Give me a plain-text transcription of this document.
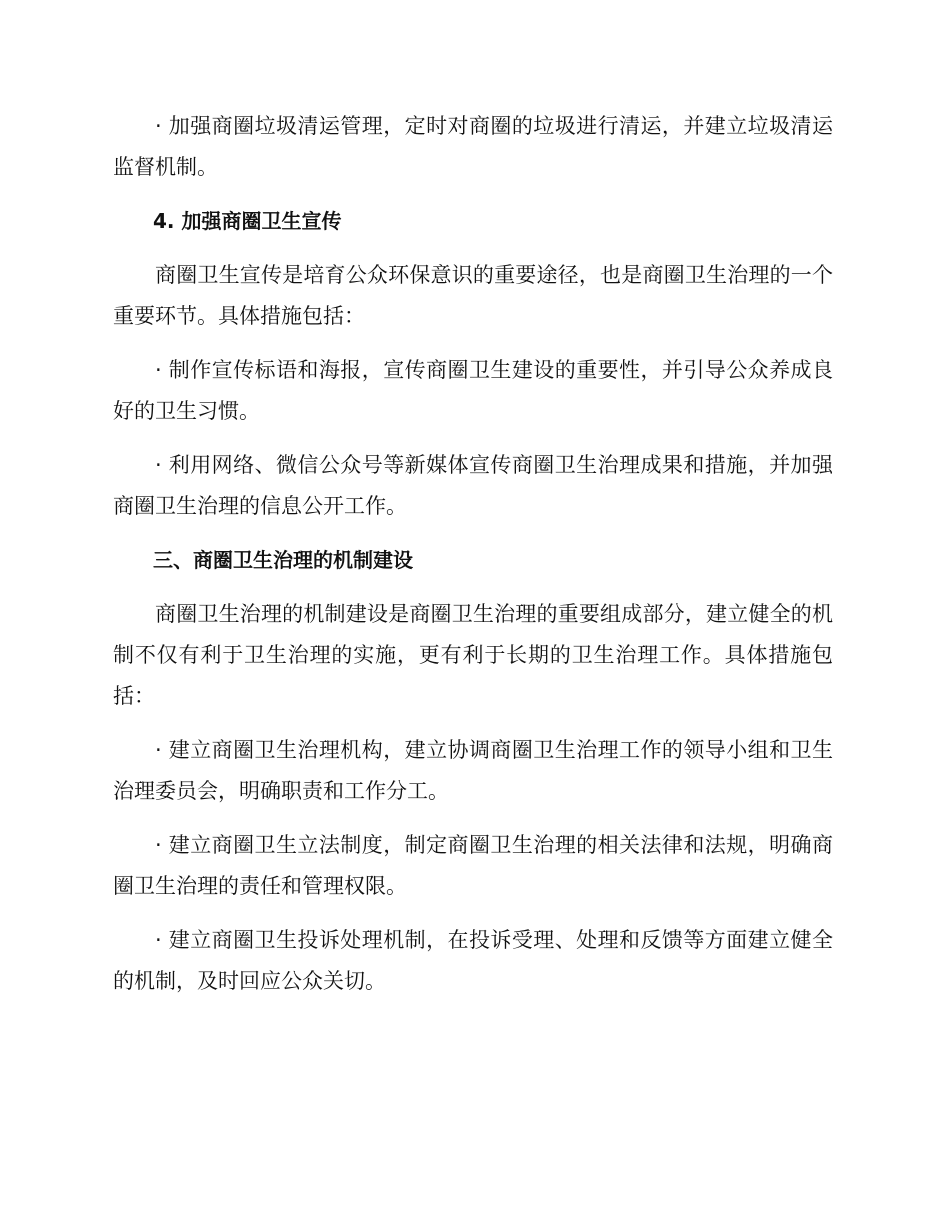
· 加强商圈垃圾清运管理，定时对商圈的垃圾进行清运，并建立垃圾清运监督机制。

4. 加强商圈卫生宣传

商圈卫生宣传是培育公众环保意识的重要途径，也是商圈卫生治理的一个重要环节。具体措施包括：

· 制作宣传标语和海报，宣传商圈卫生建设的重要性，并引导公众养成良好的卫生习惯。

· 利用网络、微信公众号等新媒体宣传商圈卫生治理成果和措施，并加强商圈卫生治理的信息公开工作。

三、商圈卫生治理的机制建设

商圈卫生治理的机制建设是商圈卫生治理的重要组成部分，建立健全的机制不仅有利于卫生治理的实施，更有利于长期的卫生治理工作。具体措施包括：

· 建立商圈卫生治理机构，建立协调商圈卫生治理工作的领导小组和卫生治理委员会，明确职责和工作分工。

· 建立商圈卫生立法制度，制定商圈卫生治理的相关法律和法规，明确商圈卫生治理的责任和管理权限。

· 建立商圈卫生投诉处理机制，在投诉受理、处理和反馈等方面建立健全的机制，及时回应公众关切。
